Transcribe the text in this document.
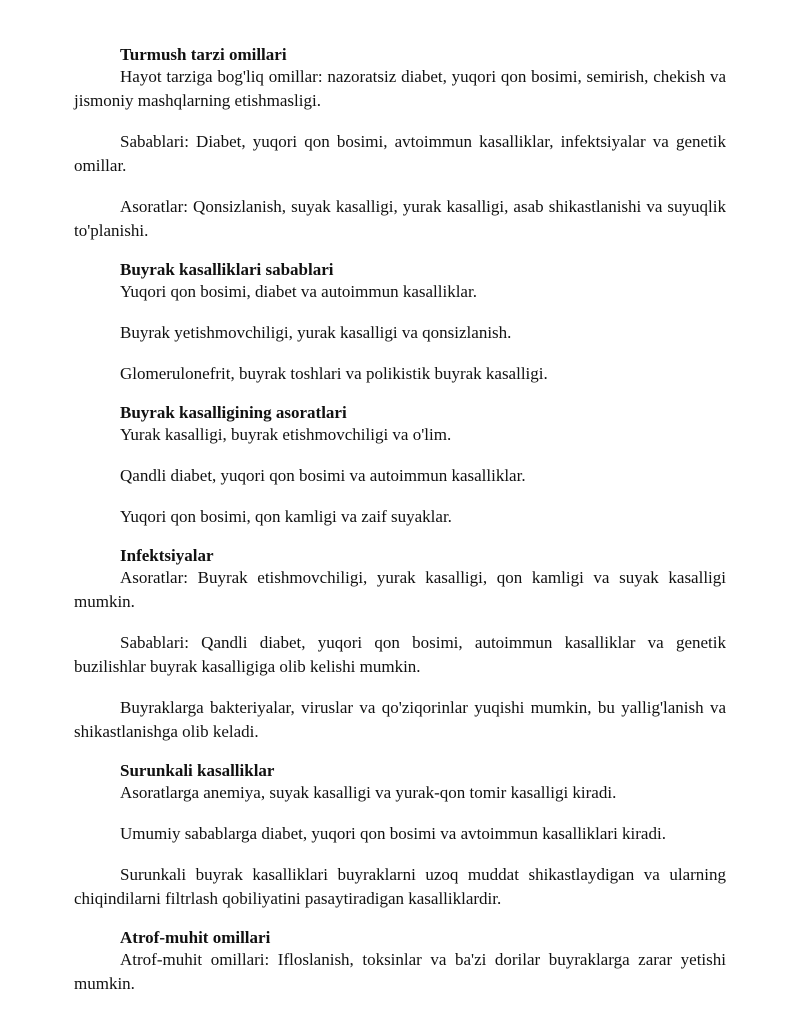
Turmush tarzi omillari

Hayot tarziga bog'liq omillar: nazoratsiz diabet, yuqori qon bosimi, semirish, chekish va jismoniy mashqlarning etishmasligi.

Sabablari: Diabet, yuqori qon bosimi, avtoimmun kasalliklar, infektsiyalar va genetik omillar.

Asoratlar: Qonsizlanish, suyak kasalligi, yurak kasalligi, asab shikastlanishi va suyuqlik to'planishi.

Buyrak kasalliklari sabablari

Yuqori qon bosimi, diabet va autoimmun kasalliklar.

Buyrak yetishmovchiligi, yurak kasalligi va qonsizlanish.

Glomerulonefrit, buyrak toshlari va polikistik buyrak kasalligi.

Buyrak kasalligining asoratlari

Yurak kasalligi, buyrak etishmovchiligi va o'lim.

Qandli diabet, yuqori qon bosimi va autoimmun kasalliklar.

Yuqori qon bosimi, qon kamligi va zaif suyaklar.

Infektsiyalar

Asoratlar: Buyrak etishmovchiligi, yurak kasalligi, qon kamligi va suyak kasalligi mumkin.

Sabablari: Qandli diabet, yuqori qon bosimi, autoimmun kasalliklar va genetik buzilishlar buyrak kasalligiga olib kelishi mumkin.

Buyraklarga bakteriyalar, viruslar va qo'ziqorinlar yuqishi mumkin, bu yallig'lanish va shikastlanishga olib keladi.

Surunkali kasalliklar

Asoratlarga anemiya, suyak kasalligi va yurak-qon tomir kasalligi kiradi.

Umumiy sabablarga diabet, yuqori qon bosimi va avtoimmun kasalliklari kiradi.

Surunkali buyrak kasalliklari buyraklarni uzoq muddat shikastlaydigan va ularning chiqindilarni filtrlash qobiliyatini pasaytiradigan kasalliklardir.

Atrof-muhit omillari

Atrof-muhit omillari: Ifloslanish, toksinlar va ba'zi dorilar buyraklarga zarar yetishi mumkin.
